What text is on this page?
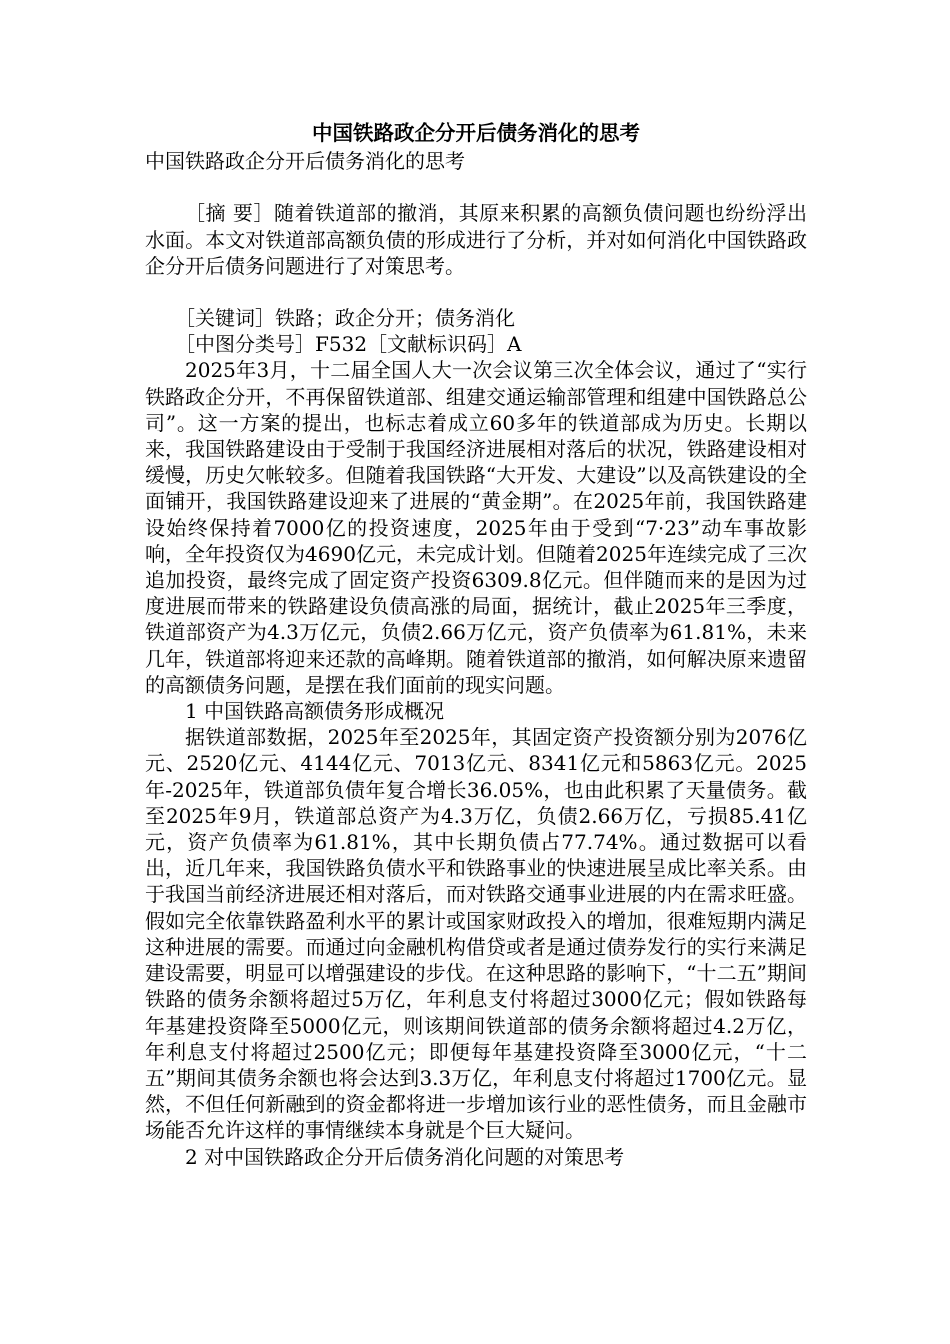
中国铁路政企分开后债务消化的思考
中国铁路政企分开后债务消化的思考

［摘 要］随着铁道部的撤消，其原来积累的高额负债问题也纷纷浮出水面。本文对铁道部高额负债的形成进行了分析，并对如何消化中国铁路政企分开后债务问题进行了对策思考。

［关键词］铁路；政企分开；债务消化

［中图分类号］F532［文献标识码］A

2025年3月，十二届全国人大一次会议第三次全体会议，通过了“实行铁路政企分开，不再保留铁道部、组建交通运输部管理和组建中国铁路总公司”。这一方案的提出，也标志着成立60多年的铁道部成为历史。长期以来，我国铁路建设由于受制于我国经济进展相对落后的状况，铁路建设相对缓慢，历史欠帐较多。但随着我国铁路“大开发、大建设”以及高铁建设的全面铺开，我国铁路建设迎来了进展的“黄金期”。在2025年前，我国铁路建设始终保持着7000亿的投资速度，2025年由于受到“7·23”动车事故影响，全年投资仅为4690亿元，未完成计划。但随着2025年连续完成了三次追加投资，最终完成了固定资产投资6309.8亿元。但伴随而来的是因为过度进展而带来的铁路建设负债高涨的局面，据统计，截止2025年三季度，铁道部资产为4.3万亿元，负债2.66万亿元，资产负债率为61.81%，未来几年，铁道部将迎来还款的高峰期。随着铁道部的撤消，如何解决原来遗留的高额债务问题，是摆在我们面前的现实问题。

1 中国铁路高额债务形成概况

据铁道部数据，2025年至2025年，其固定资产投资额分别为2076亿元、2520亿元、4144亿元、7013亿元、8341亿元和5863亿元。2025年-2025年，铁道部负债年复合增长36.05%，也由此积累了天量债务。截至2025年9月，铁道部总资产为4.3万亿，负债2.66万亿，亏损85.41亿元，资产负债率为61.81%，其中长期负债占77.74%。通过数据可以看出，近几年来，我国铁路负债水平和铁路事业的快速进展呈成比率关系。由于我国当前经济进展还相对落后，而对铁路交通事业进展的内在需求旺盛。假如完全依靠铁路盈利水平的累计或国家财政投入的增加，很难短期内满足这种进展的需要。而通过向金融机构借贷或者是通过债券发行的实行来满足建设需要，明显可以增强建设的步伐。在这种思路的影响下，“十二五”期间铁路的债务余额将超过5万亿，年利息支付将超过3000亿元；假如铁路每年基建投资降至5000亿元，则该期间铁道部的债务余额将超过4.2万亿，年利息支付将超过2500亿元；即便每年基建投资降至3000亿元，“十二五”期间其债务余额也将会达到3.3万亿，年利息支付将超过1700亿元。显然，不但任何新融到的资金都将进一步增加该行业的恶性债务，而且金融市场能否允许这样的事情继续本身就是个巨大疑问。

2 对中国铁路政企分开后债务消化问题的对策思考
